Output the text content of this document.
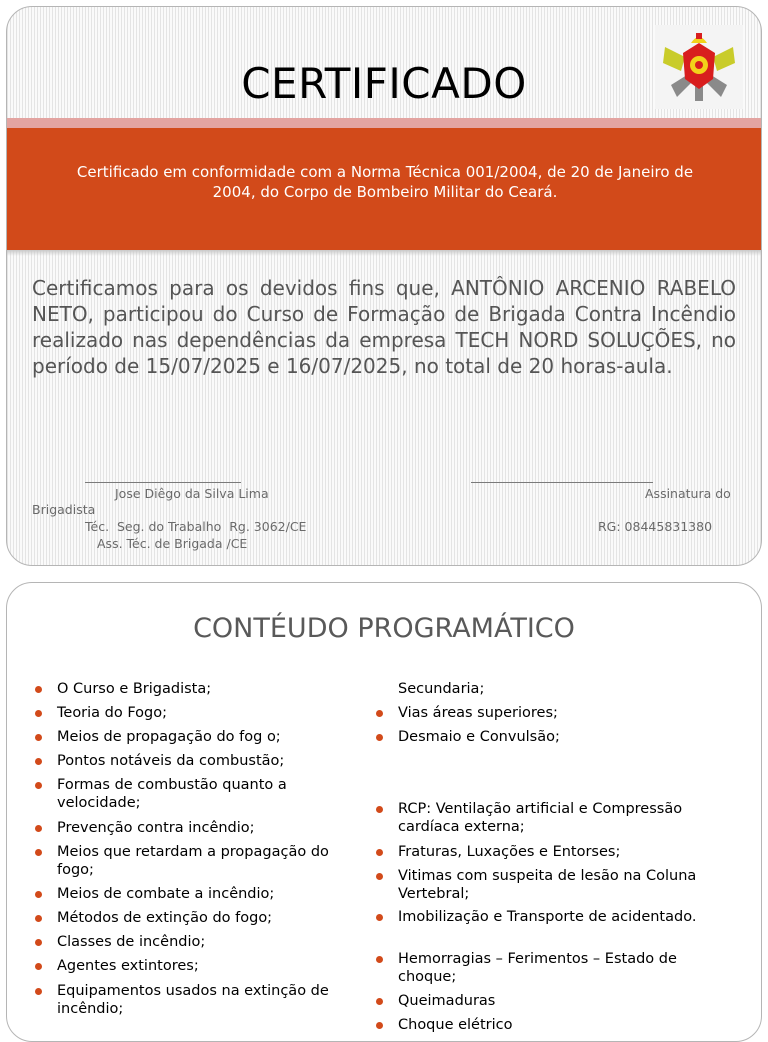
CERTIFICADO
Certificado em conformidade com a Norma Técnica 001/2004, de 20 de Janeiro de 2004, do Corpo de Bombeiro Militar do Ceará.
Certificamos para os devidos fins que, ANTÔNIO ARCENIO RABELO NETO, participou do Curso de Formação de Brigada Contra Incêndio realizado nas dependências da empresa TECH NORD SOLUÇÕES, no período de 15/07/2025 e 16/07/2025, no total de 20 horas-aula.
Jose Diêgo da Silva Lima	Assinatura do
Brigadista
Téc.  Seg. do Trabalho  Rg. 3062/CE	RG: 08445831380
Ass. Téc. de Brigada /CE
CONTÉUDO PROGRAMÁTICO
O Curso e Brigadista;
Teoria do Fogo;
Meios de propagação do fog o;
Pontos notáveis da combustão;
Formas de combustão quanto a velocidade;
Prevenção contra incêndio;
Meios que retardam a propagação do fogo;
Meios de combate a incêndio;
Métodos de extinção do fogo;
Classes de incêndio;
Agentes extintores;
Equipamentos usados na extinção de incêndio;
Secundaria;
Vias áreas superiores;
Desmaio e Convulsão;
RCP: Ventilação artificial e Compressão cardíaca externa;
Fraturas, Luxações e Entorses;
Vitimas com suspeita de lesão na Coluna Vertebral;
Imobilização e Transporte de acidentado.
Hemorragias – Ferimentos – Estado de choque;
Queimaduras
Choque elétrico
